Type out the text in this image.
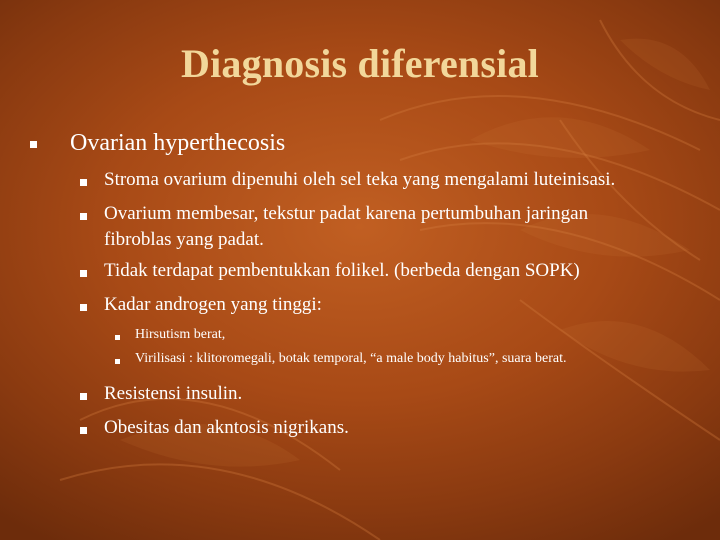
Diagnosis diferensial
Ovarian hyperthecosis
Stroma ovarium dipenuhi oleh sel teka yang mengalami luteinisasi.
Ovarium membesar, tekstur padat karena pertumbuhan jaringan
fibroblas yang padat.
Tidak terdapat pembentukkan folikel. (berbeda dengan SOPK)
Kadar androgen yang tinggi:
Hirsutism berat,
Virilisasi : klitoromegali, botak temporal, “a male body habitus”, suara berat.
Resistensi insulin.
Obesitas dan akntosis nigrikans.
